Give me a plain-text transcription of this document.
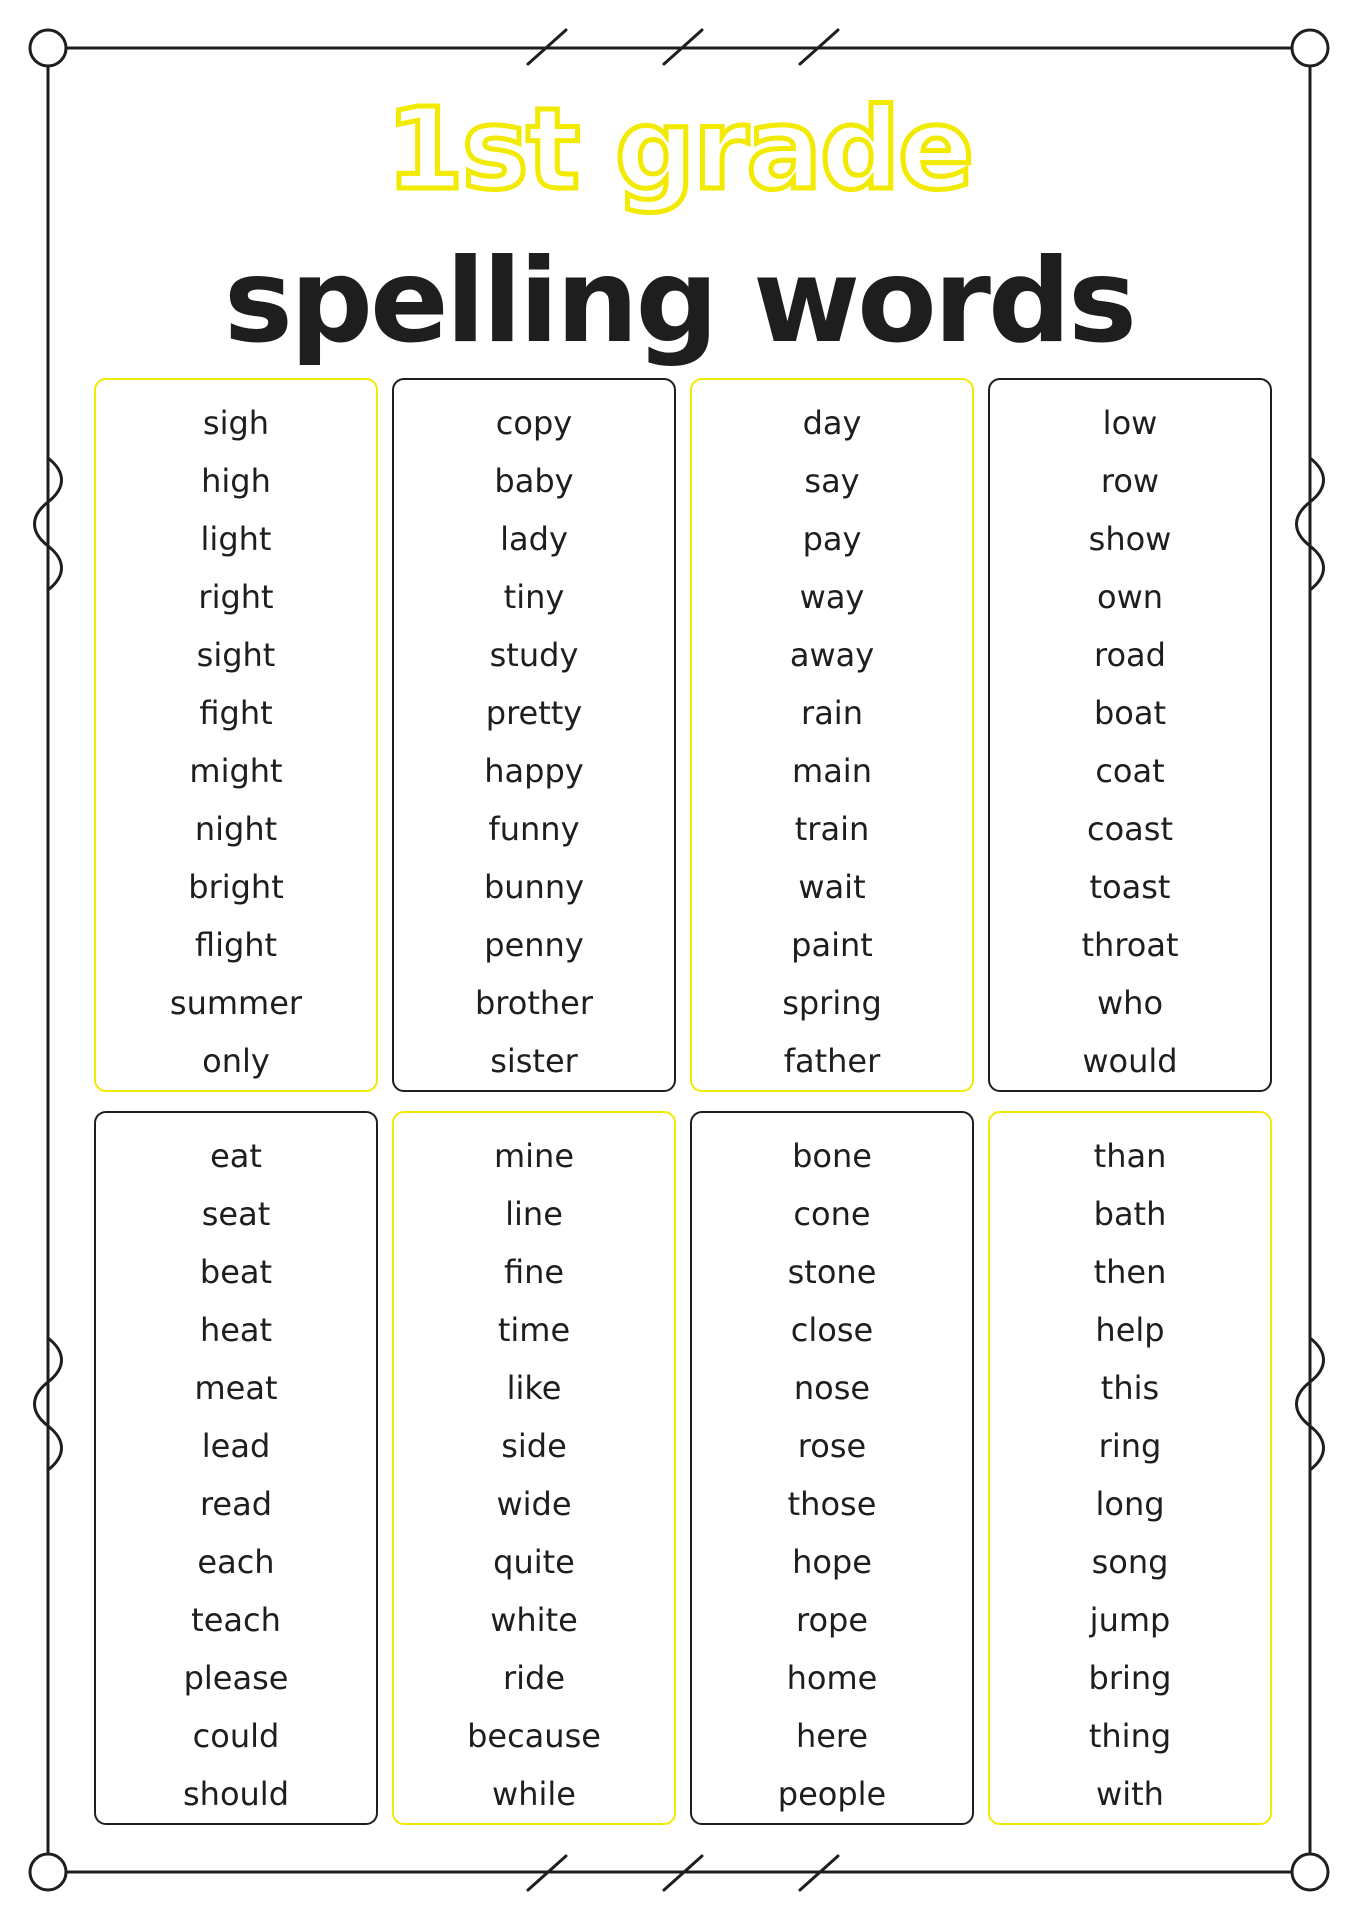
1st grade
spelling words
sigh
high
light
right
sight
fight
might
night
bright
flight
summer
only
copy
baby
lady
tiny
study
pretty
happy
funny
bunny
penny
brother
sister
day
say
pay
way
away
rain
main
train
wait
paint
spring
father
low
row
show
own
road
boat
coat
coast
toast
throat
who
would
eat
seat
beat
heat
meat
lead
read
each
teach
please
could
should
mine
line
fine
time
like
side
wide
quite
white
ride
because
while
bone
cone
stone
close
nose
rose
those
hope
rope
home
here
people
than
bath
then
help
this
ring
long
song
jump
bring
thing
with
